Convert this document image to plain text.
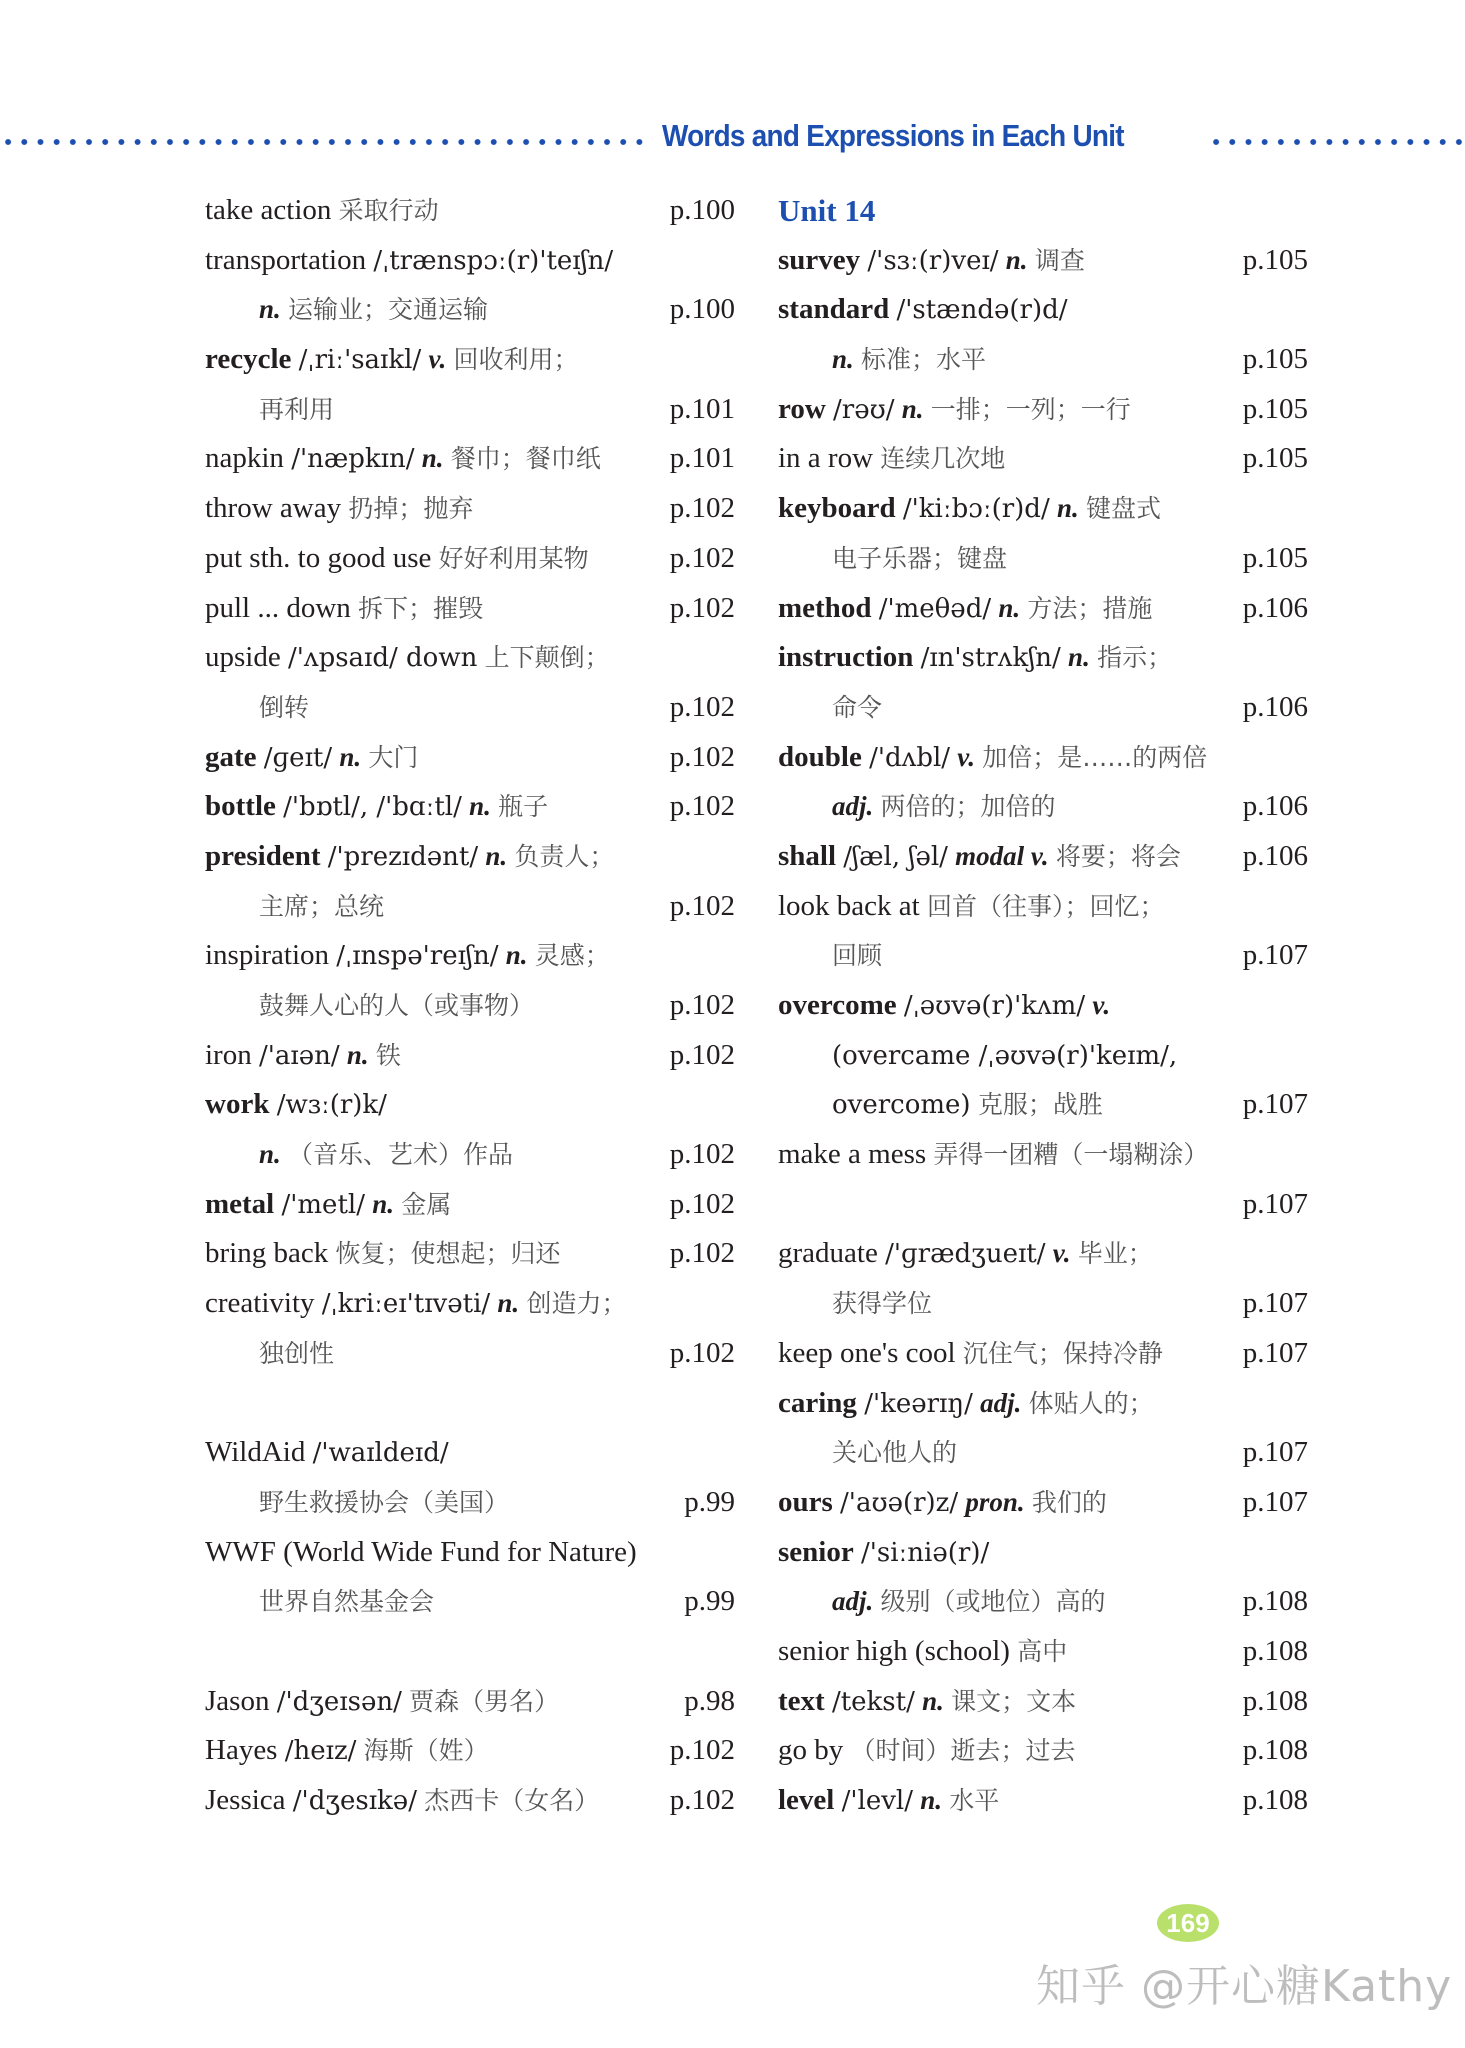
Words and Expressions in Each Unit
take action 采取行动	p.100
transportation /ˌtrænspɔː(r)'teɪʃn/
n. 运输业；交通运输	p.100
recycle /ˌriː'saɪkl/ v. 回收利用；
再利用	p.101
napkin /'næpkɪn/ n. 餐巾；餐巾纸 p.101
throw away 扔掉；抛弃	p.102
put sth. to good use 好好利用某物	p.102
pull ... down 拆下；摧毁	p.102
upside /'ʌpsaɪd/ down 上下颠倒；
倒转	p.102
gate /ɡeɪt/ n. 大门	p.102
bottle /'bɒtl/, /'bɑːtl/ n. 瓶子	p.102
president /'prezɪdənt/ n. 负责人；
主席；总统	p.102
inspiration /ˌɪnspə'reɪʃn/ n. 灵感；
鼓舞人心的人（或事物）	p.102
iron /'aɪən/ n. 铁	p.102
work /wɜː(r)k/
n. （音乐、艺术）作品	p.102
metal /'metl/ n. 金属	p.102
bring back 恢复；使想起；归还	p.102
creativity /ˌkriːeɪ'tɪvəti/ n. 创造力；
独创性	p.102
WildAid /'waɪldeɪd/
野生救援协会（美国）	p.99
WWF (World Wide Fund for Nature)
世界自然基金会	p.99
Jason /'dʒeɪsən/ 贾森（男名）	p.98
Hayes /heɪz/ 海斯（姓）	p.102
Jessica /'dʒesɪkə/ 杰西卡（女名） p.102
Unit 14
survey /'sɜː(r)veɪ/ n. 调查	p.105
standard /'stændə(r)d/
n. 标准；水平	p.105
row /rəʊ/ n. 一排；一列；一行	p.105
in a row 连续几次地	p.105
keyboard /'kiːbɔː(r)d/ n. 键盘式
电子乐器；键盘	p.105
method /'meθəd/ n. 方法；措施	p.106
instruction /ɪn'strʌkʃn/ n. 指示；
命令	p.106
double /'dʌbl/ v. 加倍；是……的两倍
adj. 两倍的；加倍的	p.106
shall /ʃæl, ʃəl/ modal v. 将要；将会 p.106
look back at 回首（往事）；回忆；
回顾	p.107
overcome /ˌəʊvə(r)'kʌm/ v.
(overcame /ˌəʊvə(r)'keɪm/,
overcome) 克服；战胜	p.107
make a mess 弄得一团糟（一塌糊涂）
p.107
graduate /'ɡrædʒueɪt/ v. 毕业；
获得学位	p.107
keep one's cool 沉住气；保持冷静	p.107
caring /'keərɪŋ/ adj. 体贴人的；
关心他人的	p.107
ours /'aʊə(r)z/ pron. 我们的	p.107
senior /'siːniə(r)/
adj. 级别（或地位）高的	p.108
senior high (school) 高中	p.108
text /tekst/ n. 课文；文本	p.108
go by （时间）逝去；过去	p.108
level /'levl/ n. 水平	p.108
169
知乎 @开心糖Kathy
